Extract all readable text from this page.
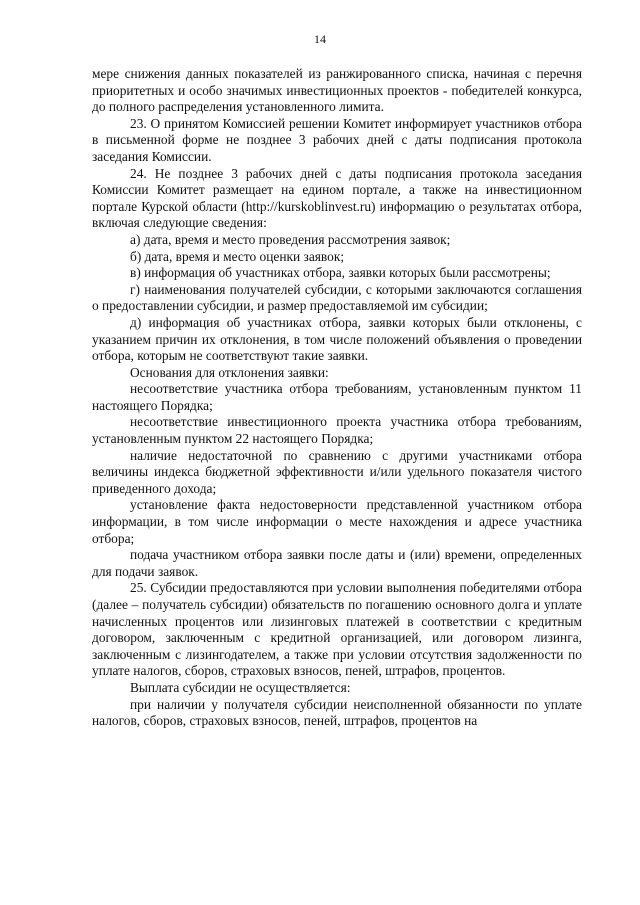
14

мере снижения данных показателей из ранжированного списка, начиная с перечня приоритетных и особо значимых инвестиционных проектов - победителей конкурса, до полного распределения установленного лимита.

23. О принятом Комиссией решении Комитет информирует участников отбора в письменной форме не позднее 3 рабочих дней с даты подписания протокола заседания Комиссии.

24. Не позднее 3 рабочих дней с даты подписания протокола заседания Комиссии Комитет размещает на едином портале, а также на инвестиционном портале Курской области (http://kurskoblinvest.ru) информацию о результатах отбора, включая следующие сведения:

а) дата, время и место проведения рассмотрения заявок;

б) дата, время и место оценки заявок;

в) информация об участниках отбора, заявки которых были рассмотрены;

г) наименования получателей субсидии, с которыми заключаются соглашения о предоставлении субсидии, и размер предоставляемой им субсидии;

д) информация об участниках отбора, заявки которых были отклонены, с указанием причин их отклонения, в том числе положений объявления о проведении отбора, которым не соответствуют такие заявки.

Основания для отклонения заявки:

несоответствие участника отбора требованиям, установленным пунктом 11 настоящего Порядка;

несоответствие инвестиционного проекта участника отбора требованиям, установленным пунктом 22 настоящего Порядка;

наличие недостаточной по сравнению с другими участниками отбора величины индекса бюджетной эффективности и/или удельного показателя чистого приведенного дохода;

установление факта недостоверности представленной участником отбора информации, в том числе информации о месте нахождения и адресе участника отбора;

подача участником отбора заявки после даты и (или) времени, определенных для подачи заявок.

25. Субсидии предоставляются при условии выполнения победителями отбора (далее – получатель субсидии) обязательств по погашению основного долга и уплате начисленных процентов или лизинговых платежей в соответствии с кредитным договором, заключенным с кредитной организацией, или договором лизинга, заключенным с лизингодателем, а также при условии отсутствия задолженности по уплате налогов, сборов, страховых взносов, пеней, штрафов, процентов.

Выплата субсидии не осуществляется:

при наличии у получателя субсидии неисполненной обязанности по уплате налогов, сборов, страховых взносов, пеней, штрафов, процентов на
